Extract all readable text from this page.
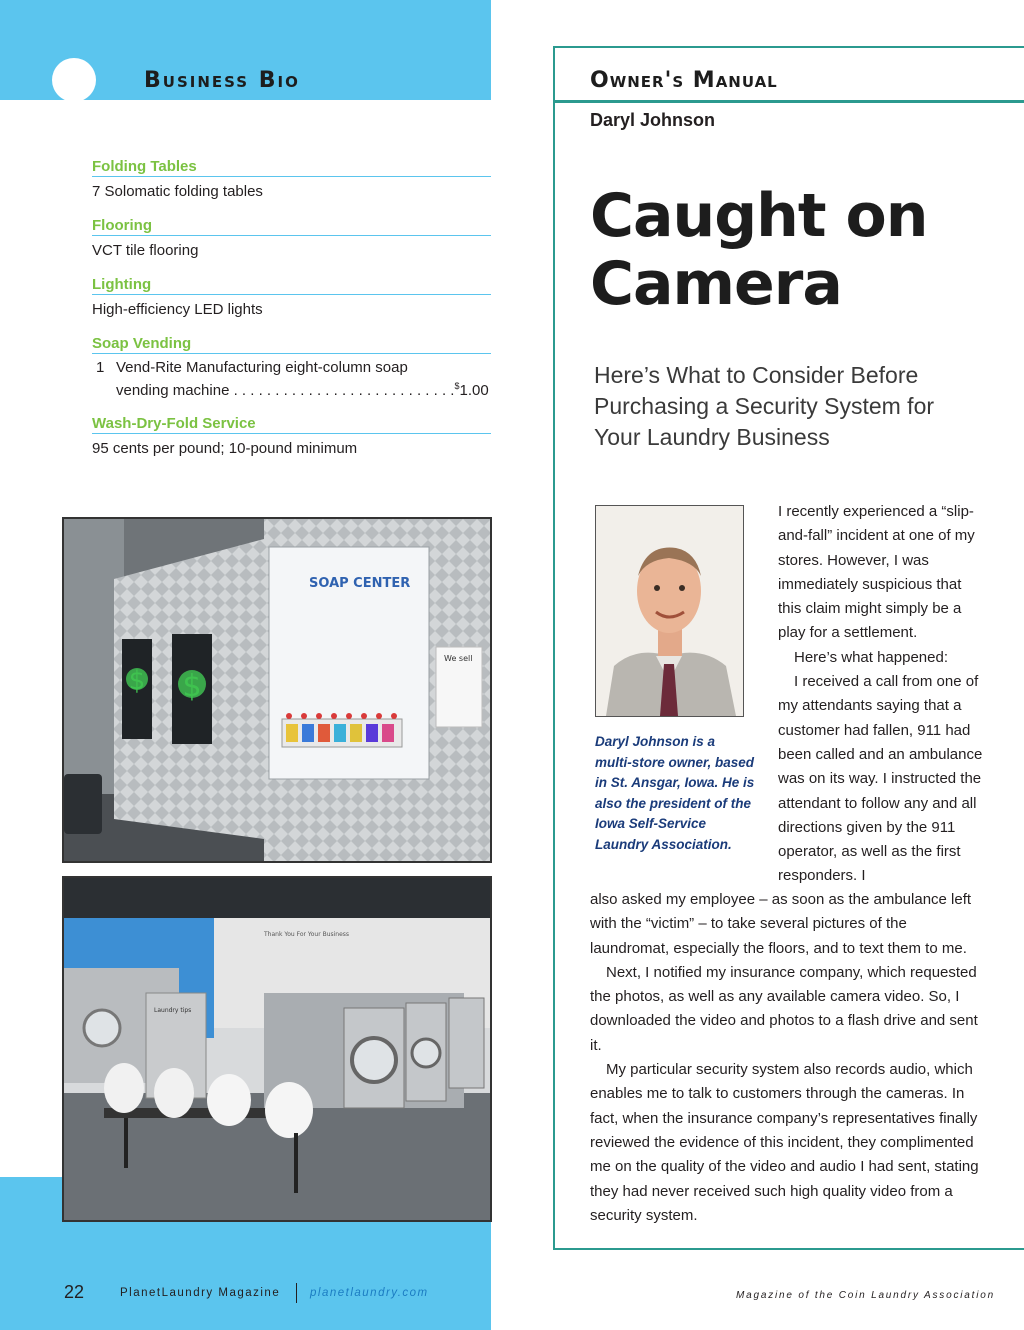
Business Bio
Folding Tables
7 Solomatic folding tables
Flooring
VCT tile flooring
Lighting
High-efficiency LED lights
Soap Vending
1 Vend-Rite Manufacturing eight-column soap
vending machine . . . . . . . . . . . . . . . . . . . . . . . . . . .$1.00
Wash-Dry-Fold Service
95 cents per pound; 10-pound minimum
$ $
SOAP CENTER
We sell
Thank You For Your Business
Laundry tips
Owner's Manual
Daryl Johnson
Caught on
Camera
Here’s What to Consider Before Purchasing a Security System for Your Laundry Business
Daryl Johnson is a multi-store owner, based in St. Ansgar, Iowa. He is also the president of the Iowa Self-Service Laundry Association.

I recently experienced a “slip-and-fall” incident at one of my stores. However, I was immediately suspicious that this claim might simply be a play for a settlement.

Here’s what happened:

I received a call from one of my attendants saying that a customer had fallen, 911 had been called and an ambulance was on its way. I instructed the attendant to follow any and all directions given by the 911 operator, as well as the first responders. I

also asked my employee – as soon as the ambulance left with the “victim” – to take several pictures of the laundromat, especially the floors, and to text them to me.

Next, I notified my insurance company, which requested the photos, as well as any available camera video. So, I downloaded the video and photos to a flash drive and sent it.

My particular security system also records audio, which enables me to talk to customers through the cameras. In fact, when the insurance company’s representatives finally reviewed the evidence of this incident, they complimented me on the quality of the video and audio I had sent, stating they had never received such high quality video from a security system.

22	PlanetLaundry Magazine	planetlaundry.com	Magazine of the Coin Laundry Association
